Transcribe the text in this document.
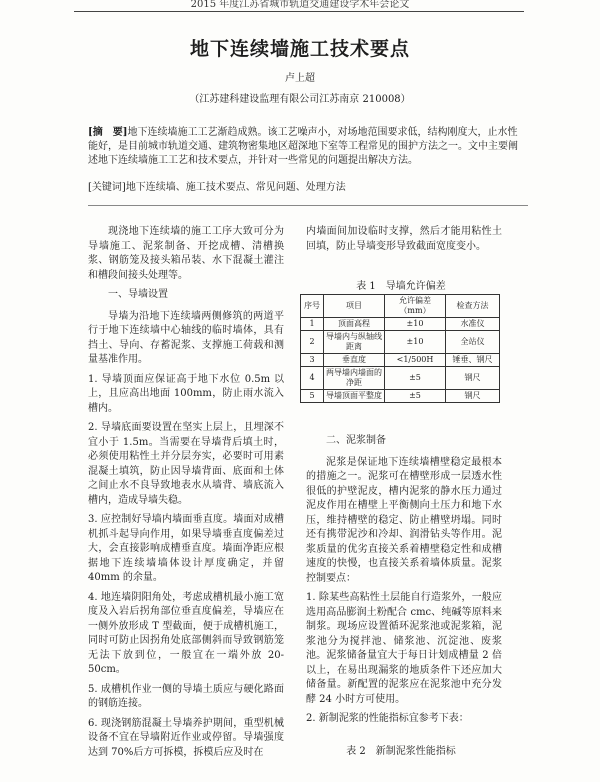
2015 年度江苏省城市轨道交通建设学术年会论文
地下连续墙施工技术要点
卢上超
（江苏建科建设监理有限公司江苏南京 210008）
[摘　要]地下连续墙施工工艺渐趋成熟。该工艺噪声小，对场地范围要求低，结构刚度大，止水性能好，是目前城市轨道交通、建筑物密集地区超深地下室等工程常见的围护方法之一。文中主要阐述地下连续墙施工工艺和技术要点，并针对一些常见的问题提出解决方法。
[关键词]地下连续墙、施工技术要点、常见问题、处理方法

现浇地下连续墙的施工工序大致可分为导墙施工、泥浆制备、开挖成槽、清槽换浆、钢筋笼及接头箱吊装、水下混凝土灌注和槽段间接头处理等。

一、导墙设置

导墙为沿地下连续墙两侧修筑的两道平行于地下连续墙中心轴线的临时墙体，具有挡土、导向、存蓄泥浆、支撑施工荷载和测量基准作用。

1. 导墙顶面应保证高于地下水位 0.5m 以上，且应高出地面 100mm，防止雨水流入槽内。

2. 导墙底面要设置在坚实上层上，且埋深不宜小于 1.5m。当需要在导墙背后填土时，必须使用粘性土并分层夯实，必要时可用素混凝土填筑，防止因导墙背面、底面和土体之间止水不良导致地表水从墙背、墙底流入槽内，造成导墙失稳。

3. 应控制好导墙内墙面垂直度。墙面对成槽机抓斗起导向作用，如果导墙垂直度偏差过大，会直接影响成槽垂直度。墙面净距应根据地下连续墙墙体设计厚度确定，并留 40mm 的余量。

4. 地连墙阴阳角处，考虑成槽机最小施工宽度及入岩后拐角部位垂直度偏差，导墙应在一侧外放形成 T 型截面，便于成槽机施工，同时可防止因拐角处底部侧斜而导致钢筋笼无法下放到位，一般宜在一端外放 20-50cm。

5. 成槽机作业一侧的导墙土质应与硬化路面的钢筋连接。

6. 现浇钢筋混凝土导墙养护期间，重型机械设备不宜在导墙附近作业或停留。导墙强度达到 70%后方可拆模，拆模后应及时在

内墙面间加设临时支撑，然后才能用粘性土回填，防止导墙变形导致截面宽度变小。

表 1　导墙允许偏差
序号	项目	允许偏差（mm）	检查方法
1	顶面高程	±10	水准仪
2	导墙内与纵轴线距离	±10	全站仪
3	垂直度	<1/500H	锤垂、钢尺
4	两导墙内墙面的净距	±5	钢尺
5	导墙顶面平整度	±5	钢尺

二、泥浆制备

泥浆是保证地下连续墙槽壁稳定最根本的措施之一。泥浆可在槽壁形成一层透水性很低的护壁泥皮，槽内泥浆的静水压力通过泥皮作用在槽壁上平衡侧向土压力和地下水压，维持槽壁的稳定、防止槽壁坍塌。同时还有携带泥沙和冷却、润滑钻头等作用。泥浆质量的优劣直接关系着槽壁稳定性和成槽速度的快慢，也直接关系着墙体质量。泥浆控制要点：

1. 除某些高粘性土层能自行造浆外，一般应选用高品膨润土粉配合 cmc、纯碱等原料来制浆。现场应设置循环泥浆池或泥浆箱，泥浆池分为搅拌池、储浆池、沉淀池、废浆池。泥浆储备量宜大于每日计划成槽量 2 倍以上，在易出现漏浆的地质条件下还应加大储备量。新配置的泥浆应在泥浆池中充分发酵 24 小时方可使用。

2. 新制泥浆的性能指标宜参考下表：

表 2　新制泥浆性能指标
